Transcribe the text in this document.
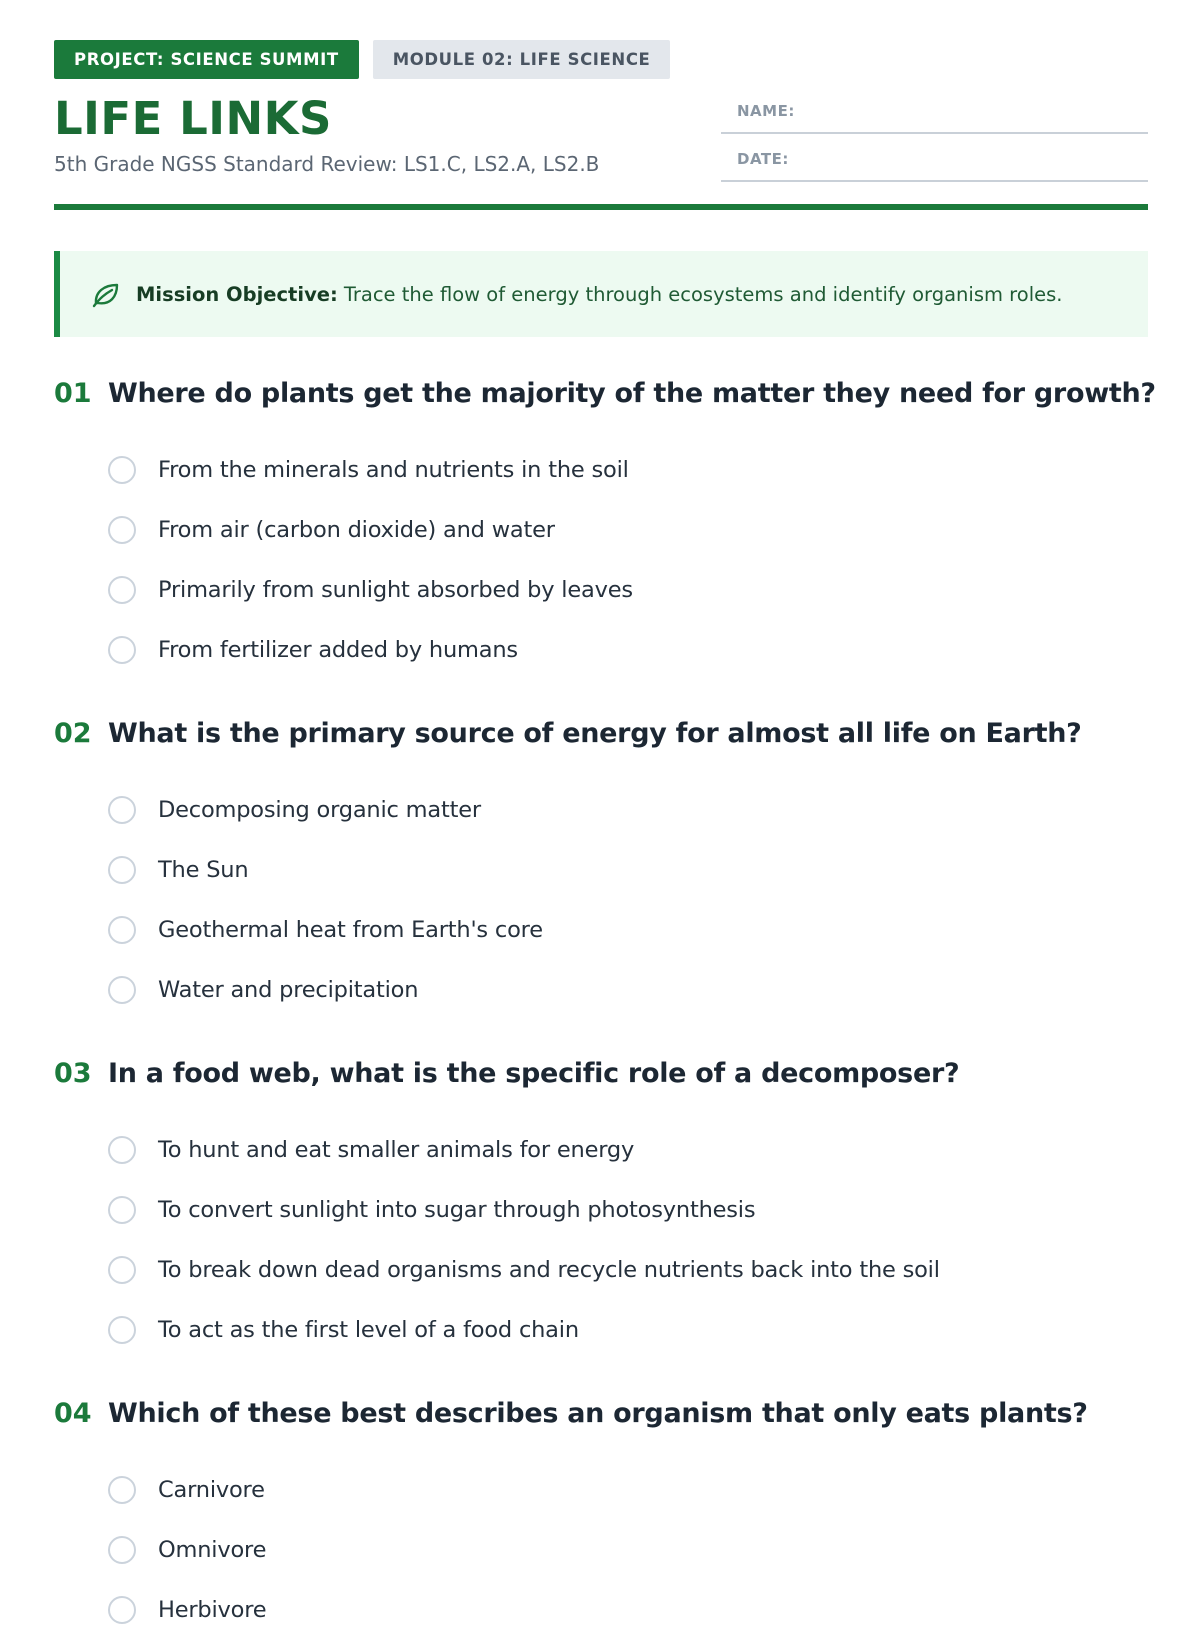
PROJECT: SCIENCE SUMMIT	MODULE 02: LIFE SCIENCE
LIFE LINKS
5th Grade NGSS Standard Review: LS1.C, LS2.A, LS2.B
NAME:
DATE:
Mission Objective: Trace the flow of energy through ecosystems and identify organism roles.
01 Where do plants get the majority of the matter they need for growth?
From the minerals and nutrients in the soil
From air (carbon dioxide) and water
Primarily from sunlight absorbed by leaves
From fertilizer added by humans
02 What is the primary source of energy for almost all life on Earth?
Decomposing organic matter
The Sun
Geothermal heat from Earth's core
Water and precipitation
03 In a food web, what is the specific role of a decomposer?
To hunt and eat smaller animals for energy
To convert sunlight into sugar through photosynthesis
To break down dead organisms and recycle nutrients back into the soil
To act as the first level of a food chain
04 Which of these best describes an organism that only eats plants?
Carnivore
Omnivore
Herbivore
